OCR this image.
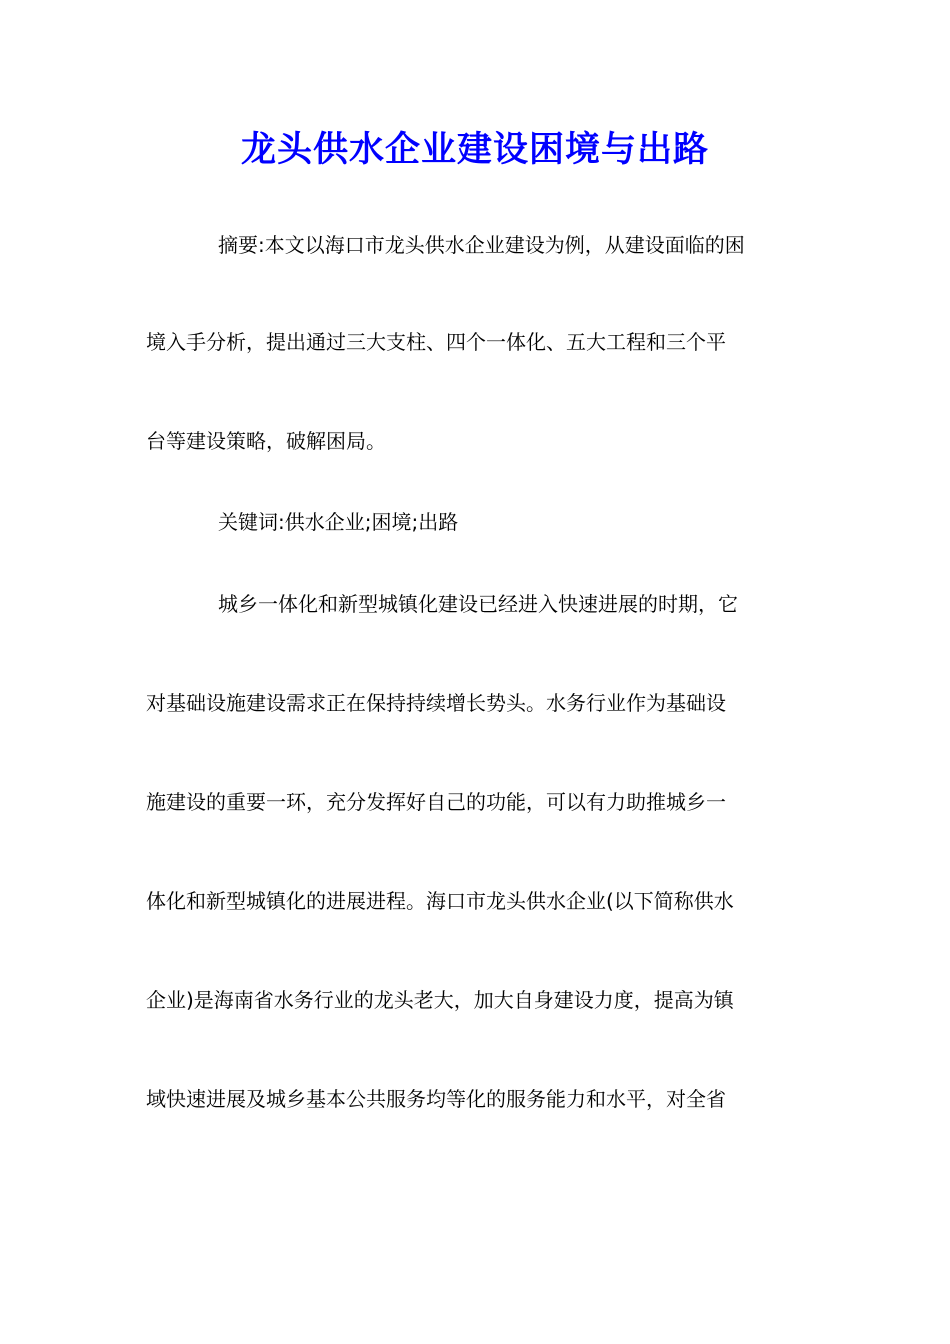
龙头供水企业建设困境与出路

摘要:本文以海口市龙头供水企业建设为例，从建设面临的困

境入手分析，提出通过三大支柱、四个一体化、五大工程和三个平

台等建设策略，破解困局。

关键词:供水企业;困境;出路

城乡一体化和新型城镇化建设已经进入快速进展的时期，它

对基础设施建设需求正在保持持续增长势头。水务行业作为基础设

施建设的重要一环，充分发挥好自己的功能，可以有力助推城乡一

体化和新型城镇化的进展进程。海口市龙头供水企业(以下简称供水

企业)是海南省水务行业的龙头老大，加大自身建设力度，提高为镇

域快速进展及城乡基本公共服务均等化的服务能力和水平，对全省
